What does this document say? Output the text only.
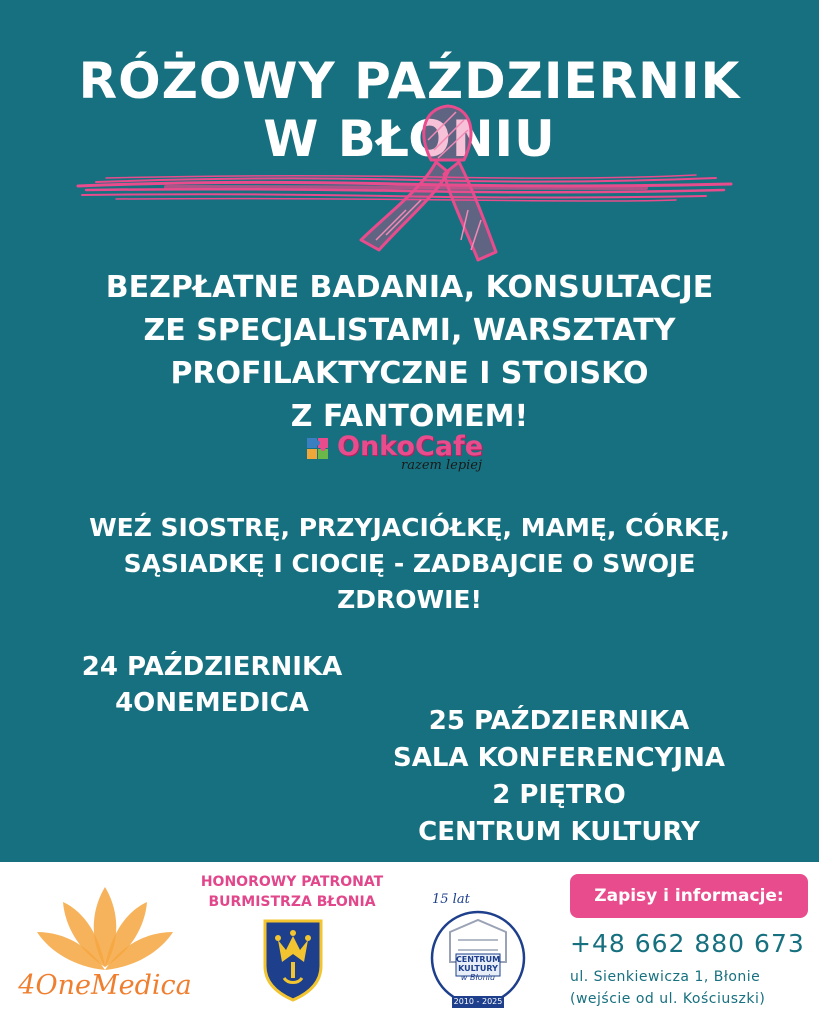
RÓŻOWY PAŹDZIERNIK
W BŁONIU
BEZPŁATNE BADANIA, KONSULTACJE
ZE SPECJALISTAMI, WARSZTATY
PROFILAKTYCZNE I STOISKO
Z FANTOMEM!
OnkoCafe
razem lepiej
WEŹ SIOSTRĘ, PRZYJACIÓŁKĘ, MAMĘ, CÓRKĘ,
SĄSIADKĘ I CIOCIĘ - ZADBAJCIE O SWOJE
ZDROWIE!
24 PAŹDZIERNIKA
4ONEMEDICA
25 PAŹDZIERNIKA
SALA KONFERENCYJNA
2 PIĘTRO
CENTRUM KULTURY
4OneMedica
HONOROWY PATRONAT
BURMISTRZA BŁONIA	15 lat
CENTRUM
KULTURY
w Błoniu
2010 - 2025
Zapisy i informacje:
+48 662 880 673
ul. Sienkiewicza 1, Błonie
(wejście od ul. Kościuszki)
